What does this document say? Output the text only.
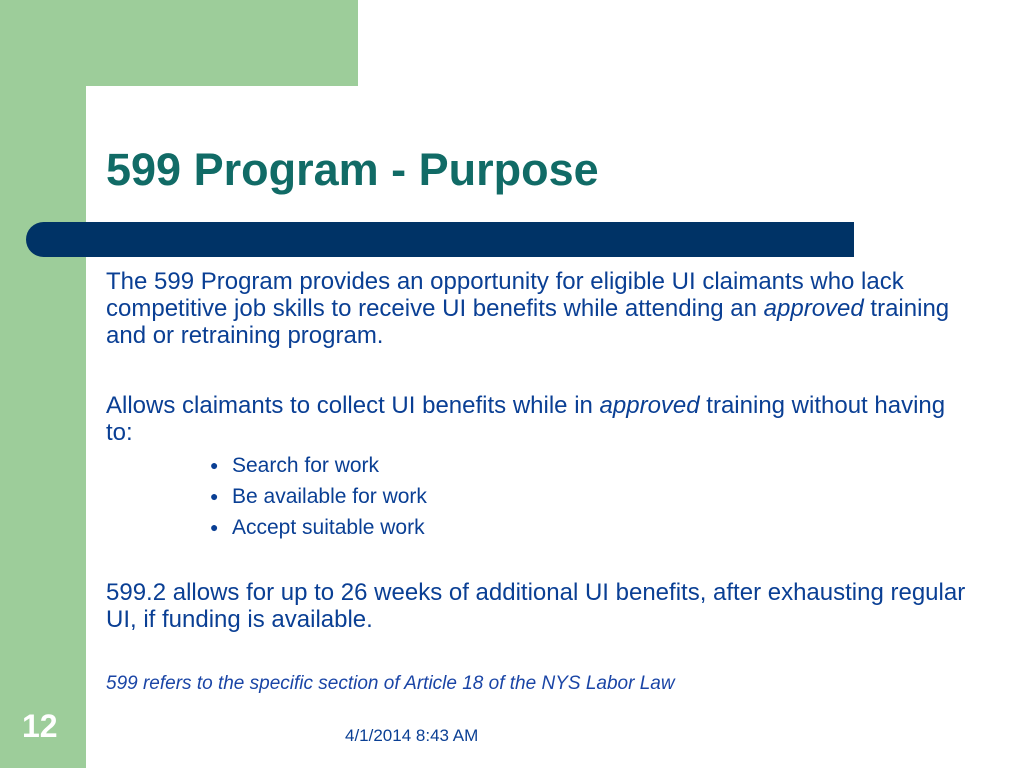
599 Program - Purpose

The 599 Program provides an opportunity for eligible UI claimants who lack competitive job skills to receive UI benefits while attending an approved training and or retraining program.

Allows claimants to collect UI benefits while in approved training without having to:

● Search for work
● Be available for work
● Accept suitable work

599.2 allows for up to 26 weeks of additional UI benefits, after exhausting regular UI, if funding is available.

599 refers to the specific section of Article 18 of the NYS Labor Law

12	4/1/2014 8:43 AM
